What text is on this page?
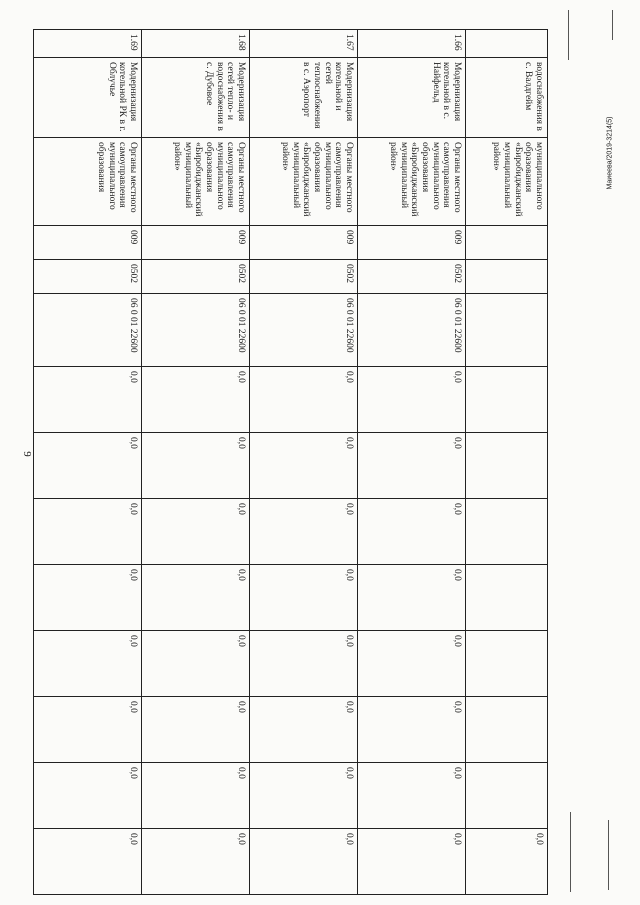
9
Маиеева/2019-3214(5)
	водоснабжения в с. Валдгейм	муниципального образования «Биробиджанский муниципальный район»											0,0
1.66	Модернизация котельной в с. Найфельд	Органы местного самоуправления муниципального образования «Биробиджанский муниципальный район»	009	0502	06 0 01 22600	0,0	0,0	0,0	0,0	0,0	0,0	0,0	0,0
1.67	Модернизация котельной и сетей теплоснабжения в с. Аэропорт	Органы местного самоуправления муниципального образования «Биробиджанский муниципальный район»	009	0502	06 0 01 22600	0,0	0,0	0,0	0,0	0,0	0,0	0,0	0,0
1.68	Модернизация сетей тепло- и водоснабжения в с. Дубовое	Органы местного самоуправления муниципального образования «Биробиджанский муниципальный район»	009	0502	06 0 01 22600	0,0	0,0	0,0	0,0	0,0	0,0	0,0	0,0
1.69	Модернизация котельной РК в г. Облучье	Органы местного самоуправления муниципального образования	009	0502	06 0 01 22600	0,0	0,0	0,0	0,0	0,0	0,0	0,0	0,0
